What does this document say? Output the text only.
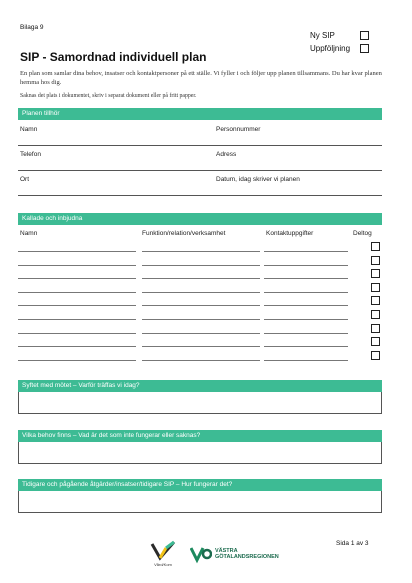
Bilaga 9
Ny SIP
Uppföljning
SIP - Samordnad individuell plan
En plan som samlar dina behov, insatser och kontaktpersoner på ett ställe. Vi fyller i och följer upp planen tillsammans. Du har kvar planen hemma hos dig.
Saknas det plats i dokumentet, skriv i separat dokument eller på fritt papper.
Planen tillhör
Namn	Personnummer
Telefon	Adress
Ort	Datum, idag skriver vi planen
Kallade och inbjudna
Namn	Funktion/relation/verksamhet	Kontaktuppgifter	Deltog
Syftet med mötet – Varför träffas vi idag?
Vilka behov finns – Vad är det som inte fungerar eller saknas?
Tidigare och pågående åtgärder/insatser/tidigare SIP – Hur fungerar det?
Vård/Kom
VÄSTRA
GÖTALANDSREGIONEN
Sida 1 av 3
